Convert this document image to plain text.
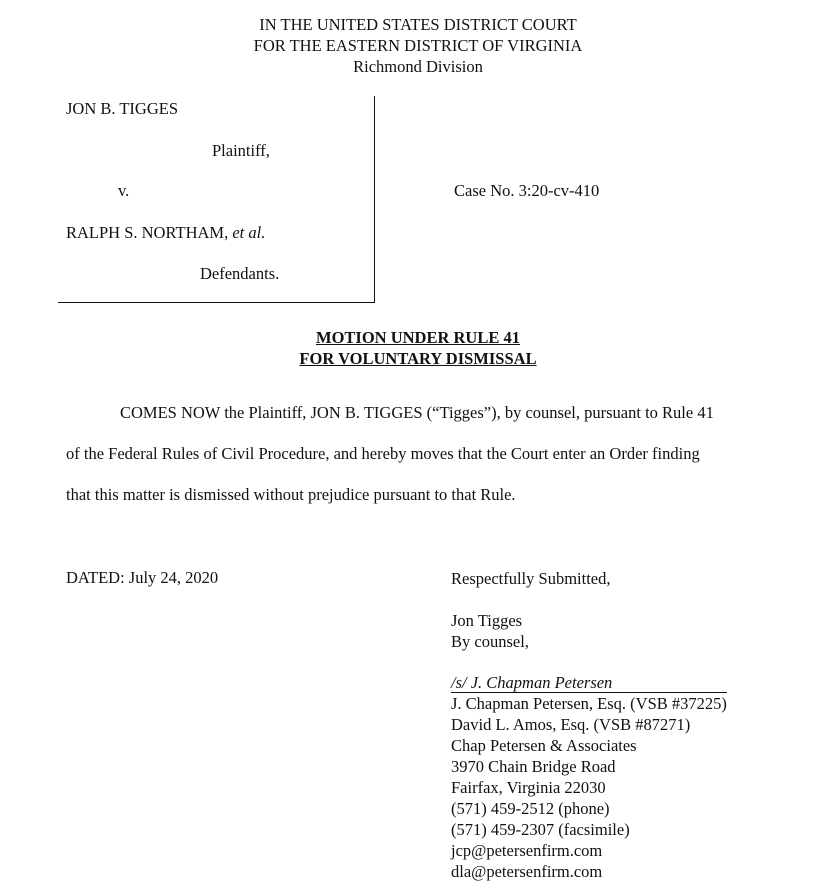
IN THE UNITED STATES DISTRICT COURT
FOR THE EASTERN DISTRICT OF VIRGINIA
Richmond Division
JON B. TIGGES
Plaintiff,
v.
RALPH S. NORTHAM, et al.
Defendants.
Case No. 3:20-cv-410
MOTION UNDER RULE 41
FOR VOLUNTARY DISMISSAL
COMES NOW the Plaintiff, JON B. TIGGES (“Tigges”), by counsel, pursuant to Rule 41
of the Federal Rules of Civil Procedure, and hereby moves that the Court enter an Order finding
that this matter is dismissed without prejudice pursuant to that Rule.
DATED: July 24, 2020	Respectfully Submitted,
Jon Tigges
By counsel,
/s/ J. Chapman Petersen
J. Chapman Petersen, Esq. (VSB #37225)
David L. Amos, Esq. (VSB #87271)
Chap Petersen & Associates
3970 Chain Bridge Road
Fairfax, Virginia 22030
(571) 459-2512 (phone)
(571) 459-2307 (facsimile)
jcp@petersenfirm.com
dla@petersenfirm.com
